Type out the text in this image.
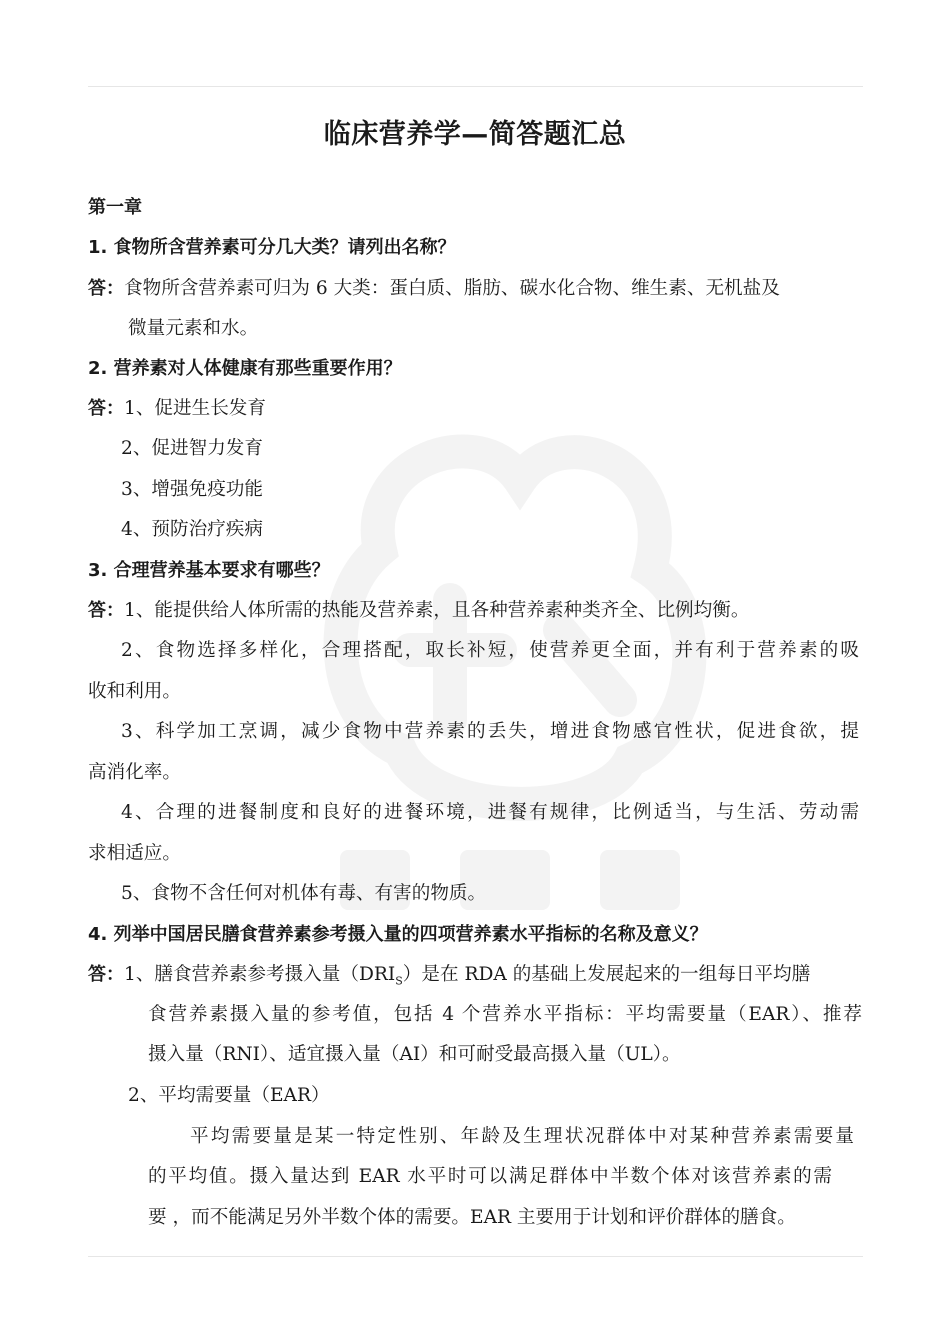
临床营养学—简答题汇总
第一章
1. 食物所含营养素可分几大类？请列出名称？
答：食物所含营养素可归为 6 大类：蛋白质、脂肪、碳水化合物、维生素、无机盐及
微量元素和水。
2. 营养素对人体健康有那些重要作用？
答：1、促进生长发育
2、促进智力发育
3、增强免疫功能
4、预防治疗疾病
3. 合理营养基本要求有哪些？
答：1、能提供给人体所需的热能及营养素，且各种营养素种类齐全、比例均衡。
2、食物选择多样化，合理搭配，取长补短，使营养更全面，并有利于营养素的吸
收和利用。
3、科学加工烹调，减少食物中营养素的丢失，增进食物感官性状，促进食欲，提
高消化率。
4、合理的进餐制度和良好的进餐环境，进餐有规律，比例适当，与生活、劳动需
求相适应。
5、食物不含任何对机体有毒、有害的物质。
4. 列举中国居民膳食营养素参考摄入量的四项营养素水平指标的名称及意义？
答：1、膳食营养素参考摄入量$(DRI_S)$是在 RDA 的基础上发展起来的一组每日平均膳
食营养素摄入量的参考值，包括 4 个营养水平指标：平均需要量（EAR）、推荐
摄入量（RNI）、适宜摄入量（AI）和可耐受最高摄入量（UL）。
2、平均需要量（EAR）
平均需要量是某一特定性别、年龄及生理状况群体中对某种营养素需要量
的平均值。摄入量达到 EAR 水平时可以满足群体中半数个体对该营养素的需
要 ，而不能满足另外半数个体的需要。EAR 主要用于计划和评价群体的膳食。
